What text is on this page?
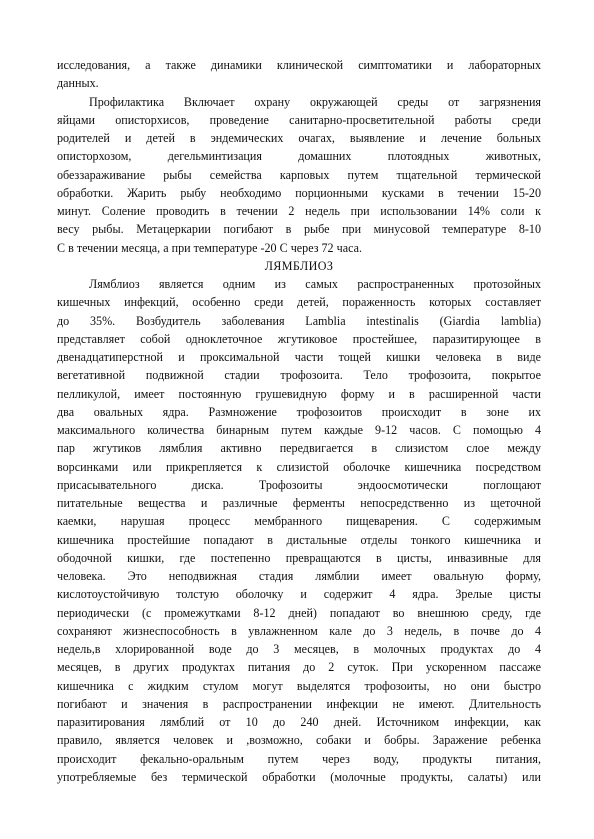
исследования, а также динамики клинической симптоматики и лабораторных

данных.

Профилактика Включает охрану окружающей среды от загрязнения

яйцами описторхисов, проведение санитарно-просветительной работы среди

родителей и детей в эндемических очагах, выявление и лечение больных

описторхозом, дегельминтизация домашних плотоядных животных,

обеззараживание рыбы семейства карповых путем тщательной термической

обработки. Жарить рыбу необходимо порционными кусками в течении 15-20

минут. Соление проводить в течении 2 недель при использовании 14% соли к

весу рыбы. Метацеркарии погибают в рыбе при минусовой температуре 8-10

С в течении месяца, а при температуре -20 С через 72 часа.

ЛЯМБЛИОЗ

Лямблиоз является одним из самых распространенных протозойных

кишечных инфекций, особенно среди детей, пораженность которых составляет

до 35%. Возбудитель заболевания Lamblia intestinalis (Giardia lamblia)

представляет собой одноклеточное жгутиковое простейшее, паразитирующее в

двенадцатиперстной и проксимальной части тощей кишки человека в виде

вегетативной подвижной стадии трофозоита. Тело трофозоита, покрытое

пелликулой, имеет постоянную грушевидную форму и в расширенной части

два овальных ядра. Размножение трофозоитов происходит в зоне их

максимального количества бинарным путем каждые 9-12 часов. С помощью 4

пар жгутиков лямблия активно передвигается в слизистом слое между

ворсинками или прикрепляется к слизистой оболочке кишечника посредством

присасывательного диска. Трофозоиты эндоосмотически поглощают

питательные вещества и различные ферменты непосредственно из щеточной

каемки, нарушая процесс мембранного пищеварения. С содержимым

кишечника простейшие попадают в дистальные отделы тонкого кишечника и

ободочной кишки, где постепенно превращаются в цисты, инвазивные для

человека. Это неподвижная стадия лямблии имеет овальную форму,

кислотоустойчивую толстую оболочку и содержит 4 ядра. Зрелые цисты

периодически (с промежутками 8-12 дней) попадают во внешнюю среду, где

сохраняют жизнеспособность в увлажненном кале до 3 недель, в почве до 4

недель,в хлорированной воде до 3 месяцев, в молочных продуктах до 4

месяцев, в других продуктах питания до 2 суток. При ускоренном пассаже

кишечника с жидким стулом могут выделятся трофозоиты, но они быстро

погибают и значения в распространении инфекции не имеют. Длительность

паразитирования лямблий от 10 до 240 дней. Источником инфекции, как

правило, является человек и ,возможно, собаки и бобры. Заражение ребенка

происходит фекально-оральным путем через воду, продукты питания,

употребляемые без термической обработки (молочные продукты, салаты) или
